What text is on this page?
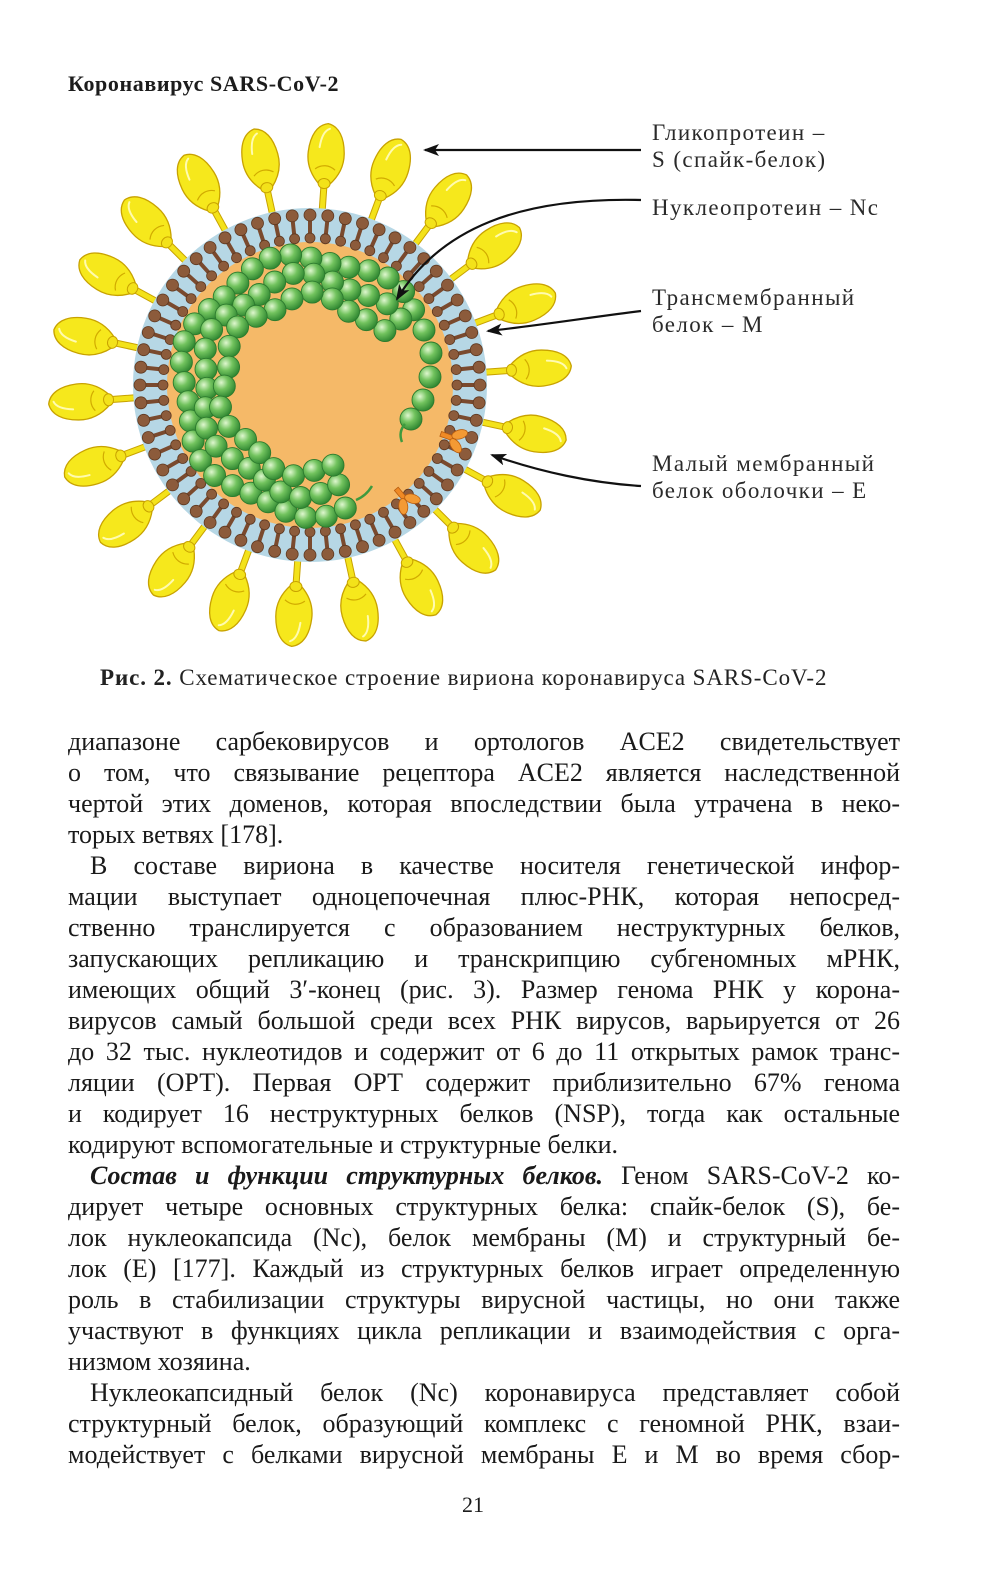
Коронавирус SARS-CoV-2
Гликопротеин –
S (спайк-белок)
Нуклеопротеин – Nc
Трансмембранный
белок – M
Малый мембранный
белок оболочки – E
Рис. 2. Схематическое строение вириона коронавируса SARS-CoV-2
диапазоне сарбековирусов и ортологов ACE2 свидетельствует
о том, что связывание рецептора ACE2 является наследственной
чертой этих доменов, которая впоследствии была утрачена в неко-
торых ветвях [178].
В составе вириона в качестве носителя генетической инфор-
мации выступает одноцепочечная плюс-РНК, которая непосред-
ственно транслируется с образованием неструктурных белков,
запускающих репликацию и транскрипцию субгеномных мРНК,
имеющих общий 3′-конец (рис. 3). Размер генома РНК у корона-
вирусов самый большой среди всех РНК вирусов, варьируется от 26
до 32 тыс. нуклеотидов и содержит от 6 до 11 открытых рамок транс-
ляции (ОРТ). Первая ОРТ содержит приблизительно 67% генома
и кодирует 16 неструктурных белков (NSP), тогда как остальные
кодируют вспомогательные и структурные белки.
Состав и функции структурных белков. Геном SARS-CoV-2 ко-
дирует четыре основных структурных белка: спайк-белок (S), бе-
лок нуклеокапсида (Nc), белок мембраны (M) и структурный бе-
лок (E) [177]. Каждый из структурных белков играет определенную
роль в стабилизации структуры вирусной частицы, но они также
участвуют в функциях цикла репликации и взаимодействия с орга-
низмом хозяина.
Нуклеокапсидный белок (Nc) коронавируса представляет собой
структурный белок, образующий комплекс с геномной РНК, взаи-
модействует с белками вирусной мембраны E и M во время сбор-
21
